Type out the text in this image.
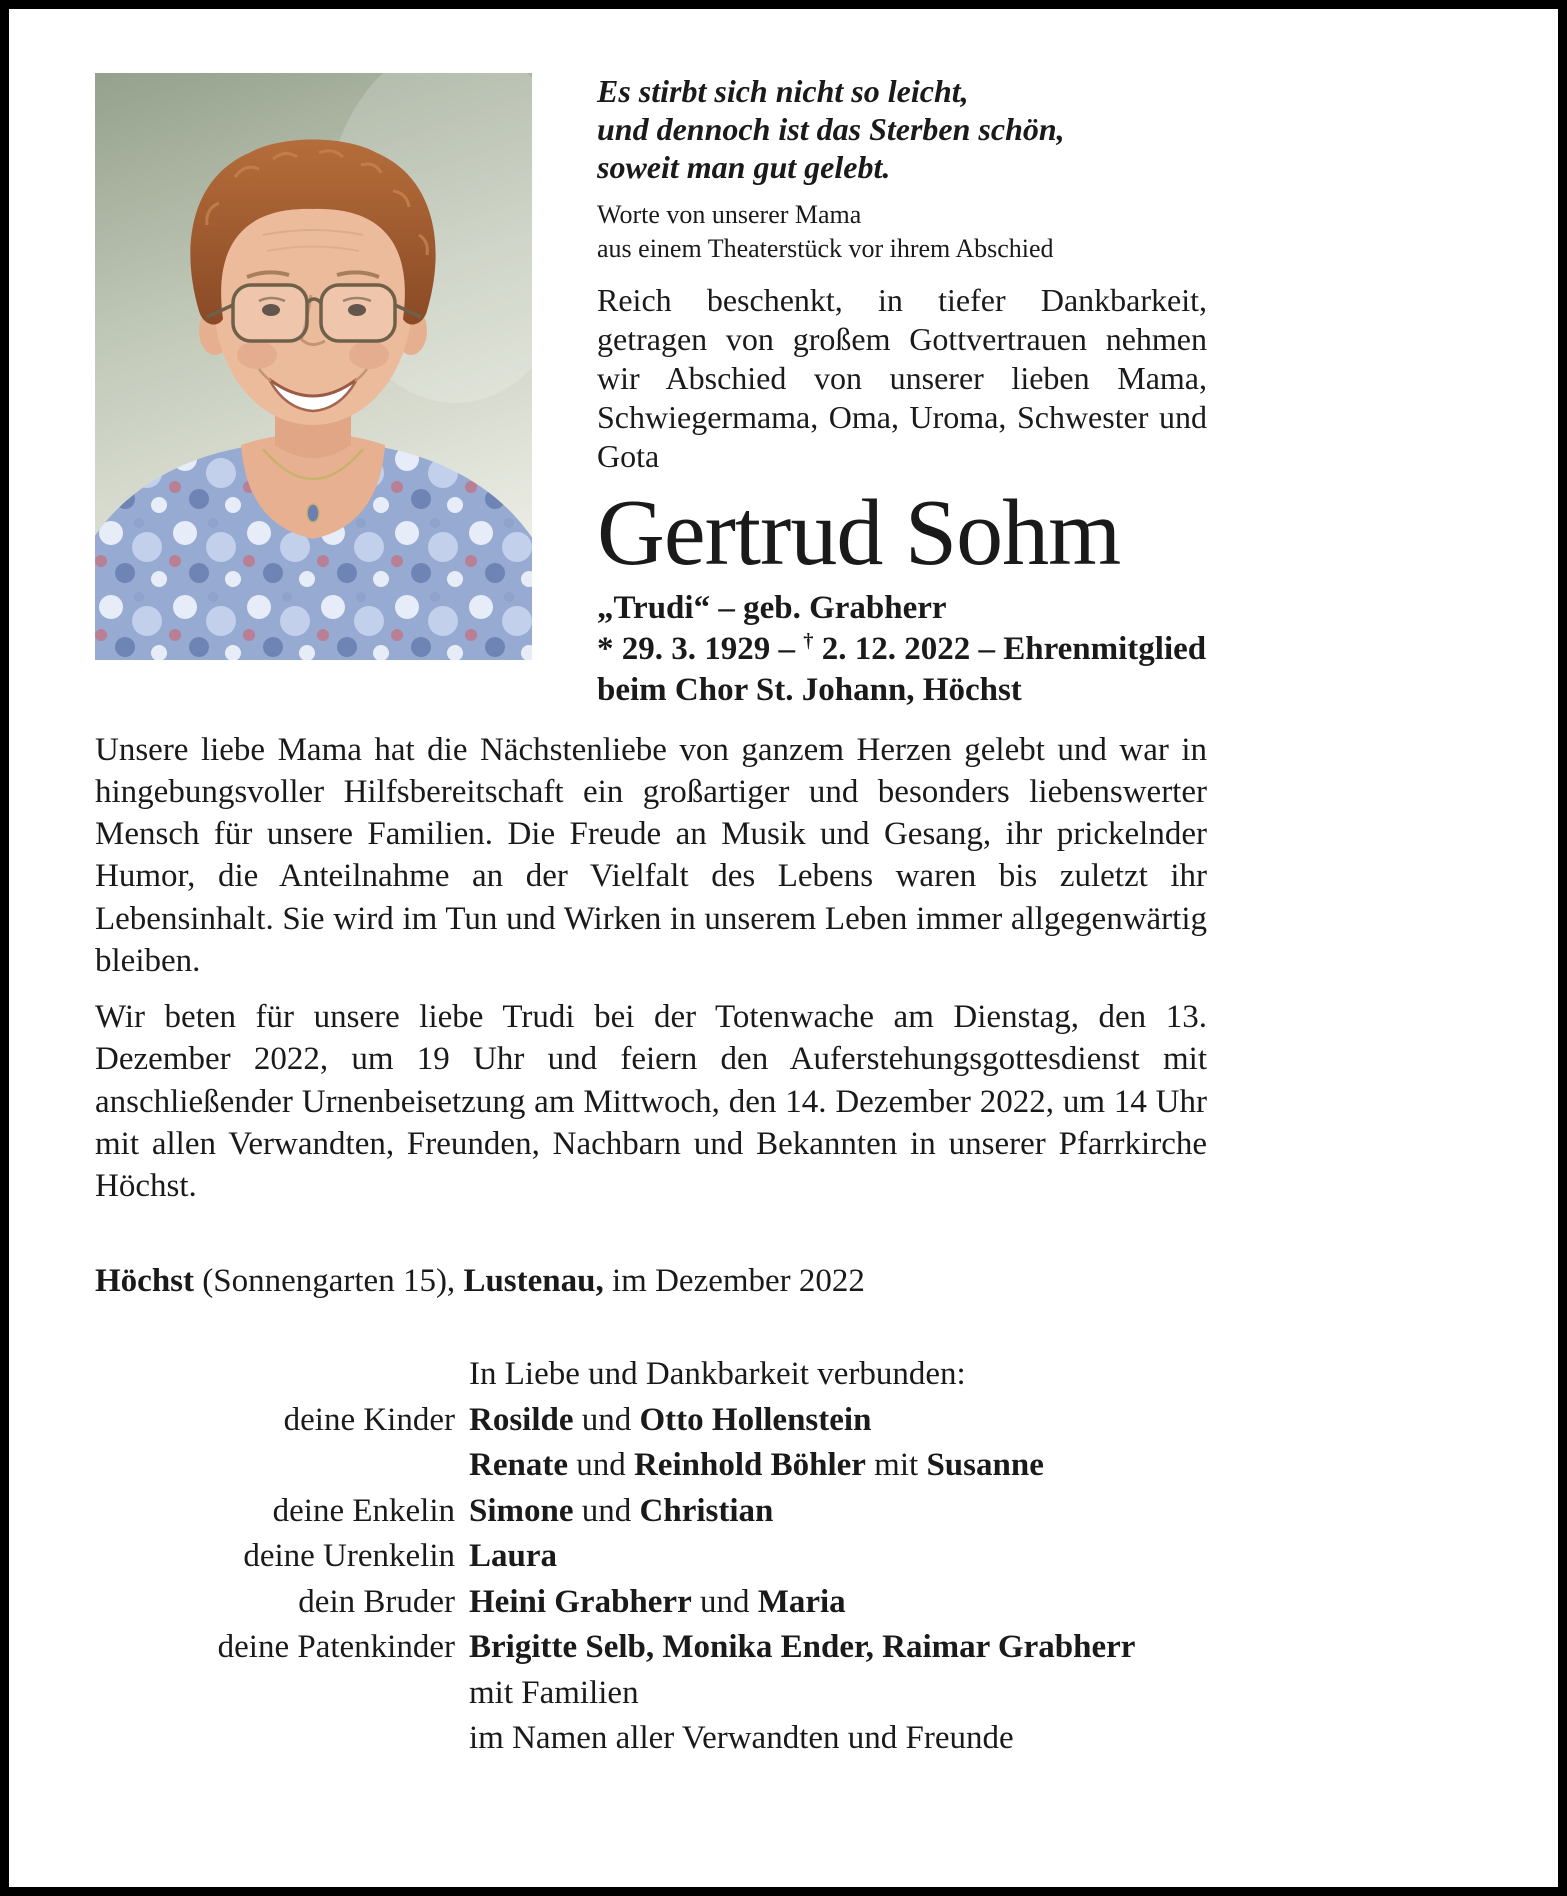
Es stirbt sich nicht so leicht,
und dennoch ist das Sterben schön,
soweit man gut gelebt.
Worte von unserer Mama
aus einem Theaterstück vor ihrem Abschied
Reich beschenkt, in tiefer Dankbarkeit, getragen von großem Gottvertrauen nehmen wir Abschied von unserer lieben Mama, Schwiegermama, Oma, Uroma, Schwester und Gota
Gertrud Sohm
„Trudi“ – geb. Grabherr
* 29. 3. 1929 – † 2. 12. 2022 – Ehrenmitglied
beim Chor St. Johann, Höchst

Unsere liebe Mama hat die Nächstenliebe von ganzem Herzen gelebt und war in hingebungsvoller Hilfsbereitschaft ein großartiger und besonders liebenswerter Mensch für unsere Familien. Die Freude an Musik und Gesang, ihr prickelnder Humor, die Anteilnahme an der Vielfalt des Lebens waren bis zuletzt ihr Lebensinhalt. Sie wird im Tun und Wirken in unserem Leben immer allgegenwärtig bleiben.

Wir beten für unsere liebe Trudi bei der Totenwache am Dienstag, den 13. Dezember 2022, um 19 Uhr und feiern den Auferstehungsgottesdienst mit anschließender Urnenbeisetzung am Mittwoch, den 14. Dezember 2022, um 14 Uhr mit allen Verwandten, Freunden, Nachbarn und Bekannten in unserer Pfarrkirche Höchst.

Höchst (Sonnengarten 15), Lustenau, im Dezember 2022
In Liebe und Dankbarkeit verbunden:
deine Kinder Rosilde und Otto Hollenstein
Renate und Reinhold Böhler mit Susanne
deine Enkelin Simone und Christian
deine Urenkelin Laura
dein Bruder Heini Grabherr und Maria
deine Patenkinder Brigitte Selb, Monika Ender, Raimar Grabherr
mit Familien
im Namen aller Verwandten und Freunde
